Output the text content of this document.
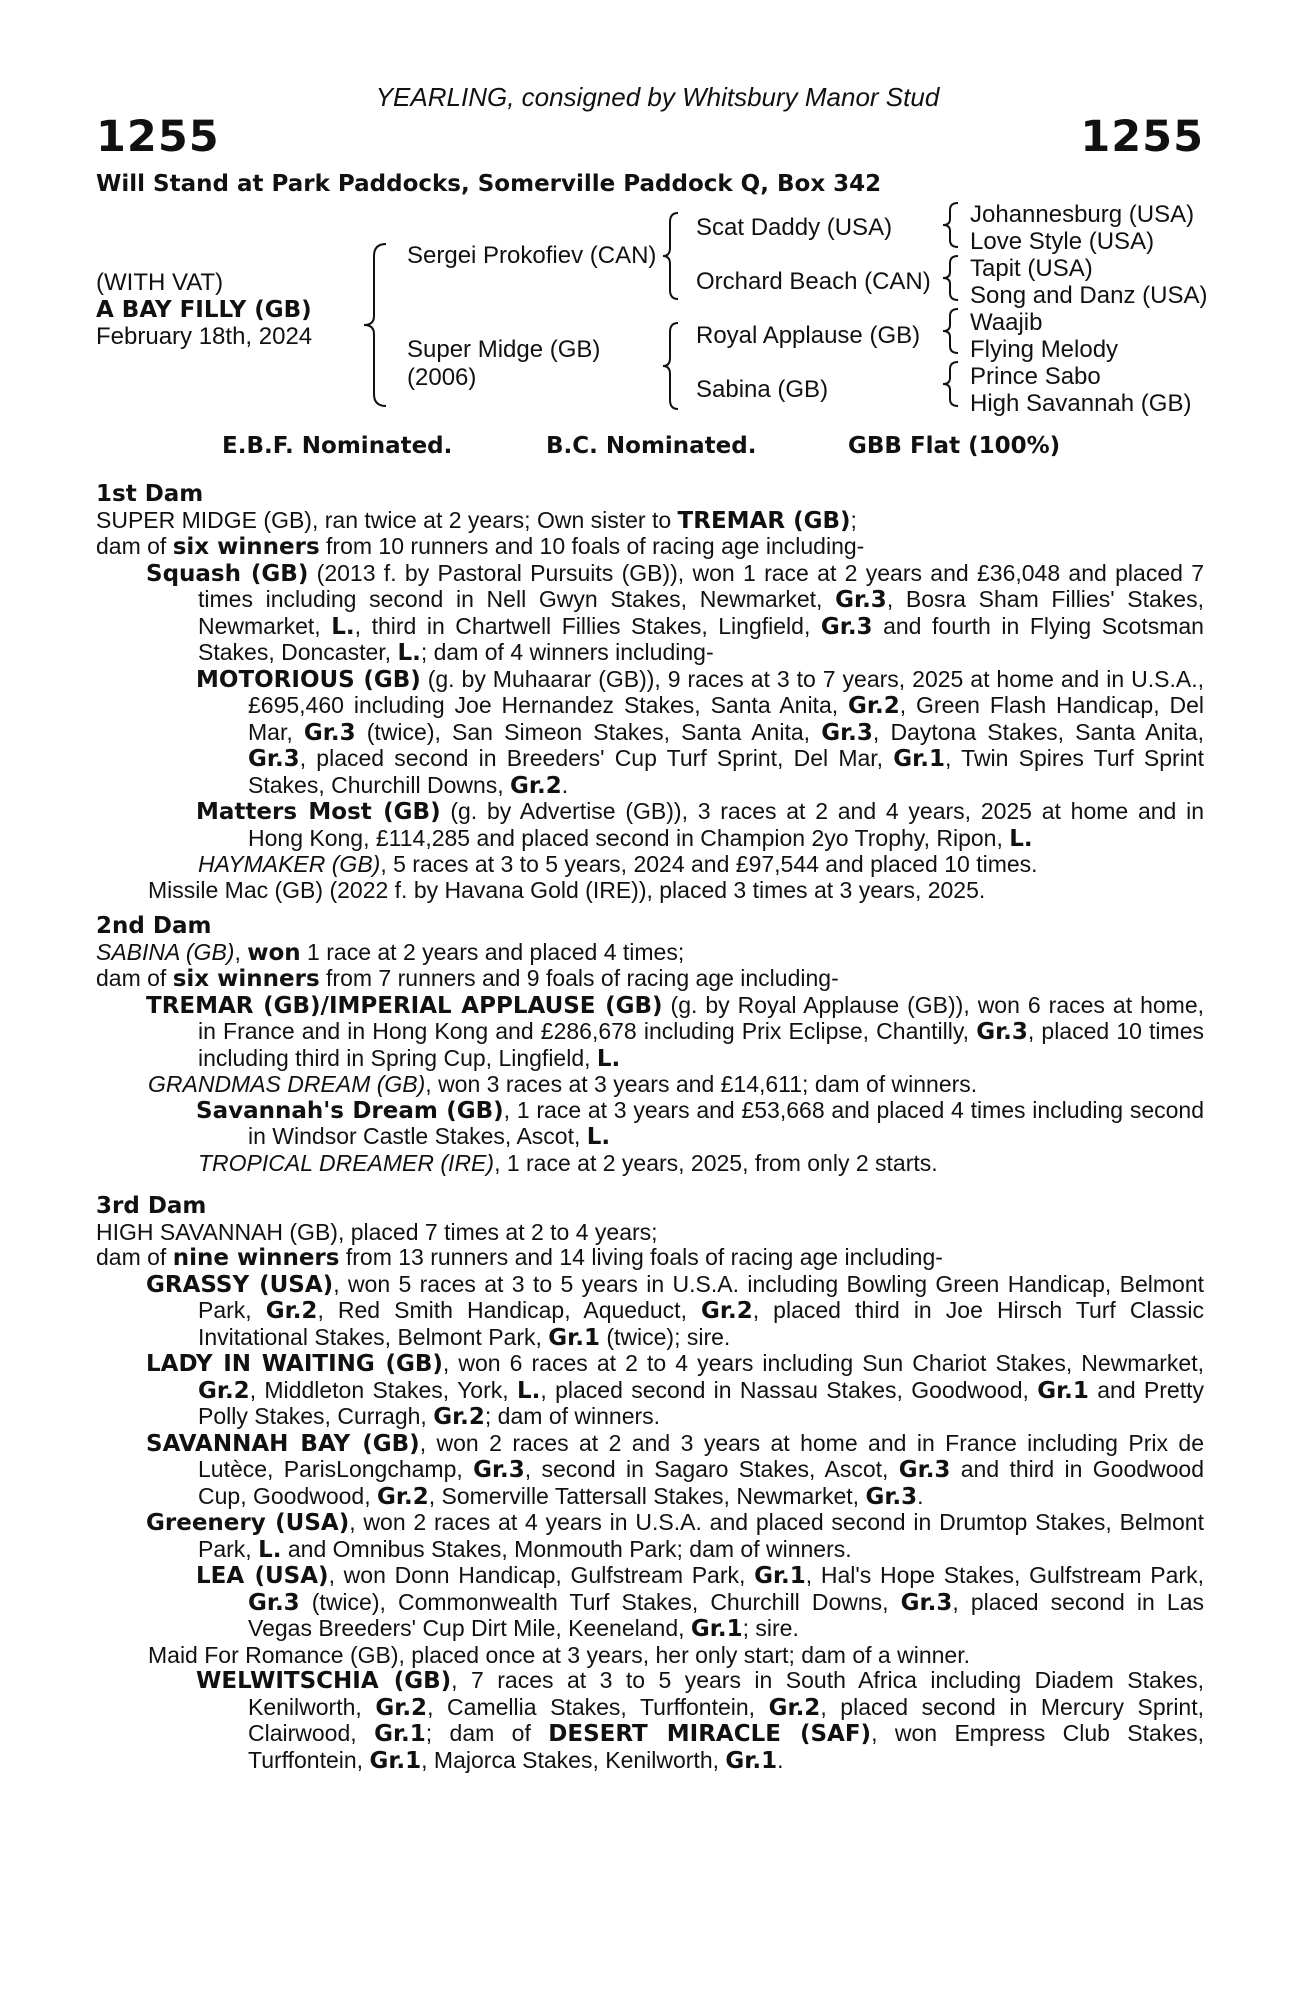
YEARLING, consigned by Whitsbury Manor Stud
1255	1255
Will Stand at Park Paddocks, Somerville Paddock Q, Box 342
(WITH VAT)
A BAY FILLY (GB)
February 18th, 2024
Sergei Prokofiev (CAN)
Super Midge (GB)
(2006)
Scat Daddy (USA)
Orchard Beach (CAN)
Royal Applause (GB)
Sabina (GB)
Johannesburg (USA)
Love Style (USA)
Tapit (USA)
Song and Danz (USA)
Waajib
Flying Melody
Prince Sabo
High Savannah (GB)
E.B.F. Nominated.	B.C. Nominated.	GBB Flat (100%)

1st Dam

SUPER MIDGE (GB), ran twice at 2 years; Own sister to TREMAR (GB);

dam of six winners from 10 runners and 10 foals of racing age including-

Squash (GB) (2013 f. by Pastoral Pursuits (GB)), won 1 race at 2 years and £36,048 and placed 7 times including second in Nell Gwyn Stakes, Newmarket, Gr.3, Bosra Sham Fillies' Stakes, Newmarket, L., third in Chartwell Fillies Stakes, Lingfield, Gr.3 and fourth in Flying Scotsman Stakes, Doncaster, L.; dam of 4 winners including-

MOTORIOUS (GB) (g. by Muhaarar (GB)), 9 races at 3 to 7 years, 2025 at home and in U.S.A., £695,460 including Joe Hernandez Stakes, Santa Anita, Gr.2, Green Flash Handicap, Del Mar, Gr.3 (twice), San Simeon Stakes, Santa Anita, Gr.3, Daytona Stakes, Santa Anita, Gr.3, placed second in Breeders' Cup Turf Sprint, Del Mar, Gr.1, Twin Spires Turf Sprint Stakes, Churchill Downs, Gr.2.

Matters Most (GB) (g. by Advertise (GB)), 3 races at 2 and 4 years, 2025 at home and in Hong Kong, £114,285 and placed second in Champion 2yo Trophy, Ripon, L.

HAYMAKER (GB), 5 races at 3 to 5 years, 2024 and £97,544 and placed 10 times.

Missile Mac (GB) (2022 f. by Havana Gold (IRE)), placed 3 times at 3 years, 2025.

2nd Dam

SABINA (GB), won 1 race at 2 years and placed 4 times;

dam of six winners from 7 runners and 9 foals of racing age including-

TREMAR (GB)/IMPERIAL APPLAUSE (GB) (g. by Royal Applause (GB)), won 6 races at home, in France and in Hong Kong and £286,678 including Prix Eclipse, Chantilly, Gr.3, placed 10 times including third in Spring Cup, Lingfield, L.

GRANDMAS DREAM (GB), won 3 races at 3 years and £14,611; dam of winners.

Savannah's Dream (GB), 1 race at 3 years and £53,668 and placed 4 times including second in Windsor Castle Stakes, Ascot, L.

TROPICAL DREAMER (IRE), 1 race at 2 years, 2025, from only 2 starts.

3rd Dam

HIGH SAVANNAH (GB), placed 7 times at 2 to 4 years;

dam of nine winners from 13 runners and 14 living foals of racing age including-

GRASSY (USA), won 5 races at 3 to 5 years in U.S.A. including Bowling Green Handicap, Belmont Park, Gr.2, Red Smith Handicap, Aqueduct, Gr.2, placed third in Joe Hirsch Turf Classic Invitational Stakes, Belmont Park, Gr.1 (twice); sire.

LADY IN WAITING (GB), won 6 races at 2 to 4 years including Sun Chariot Stakes, Newmarket, Gr.2, Middleton Stakes, York, L., placed second in Nassau Stakes, Goodwood, Gr.1 and Pretty Polly Stakes, Curragh, Gr.2; dam of winners.

SAVANNAH BAY (GB), won 2 races at 2 and 3 years at home and in France including Prix de Lutèce, ParisLongchamp, Gr.3, second in Sagaro Stakes, Ascot, Gr.3 and third in Goodwood Cup, Goodwood, Gr.2, Somerville Tattersall Stakes, Newmarket, Gr.3.

Greenery (USA), won 2 races at 4 years in U.S.A. and placed second in Drumtop Stakes, Belmont Park, L. and Omnibus Stakes, Monmouth Park; dam of winners.

LEA (USA), won Donn Handicap, Gulfstream Park, Gr.1, Hal's Hope Stakes, Gulfstream Park, Gr.3 (twice), Commonwealth Turf Stakes, Churchill Downs, Gr.3, placed second in Las Vegas Breeders' Cup Dirt Mile, Keeneland, Gr.1; sire.

Maid For Romance (GB), placed once at 3 years, her only start; dam of a winner.

WELWITSCHIA (GB), 7 races at 3 to 5 years in South Africa including Diadem Stakes, Kenilworth, Gr.2, Camellia Stakes, Turffontein, Gr.2, placed second in Mercury Sprint, Clairwood, Gr.1; dam of DESERT MIRACLE (SAF), won Empress Club Stakes, Turffontein, Gr.1, Majorca Stakes, Kenilworth, Gr.1.
